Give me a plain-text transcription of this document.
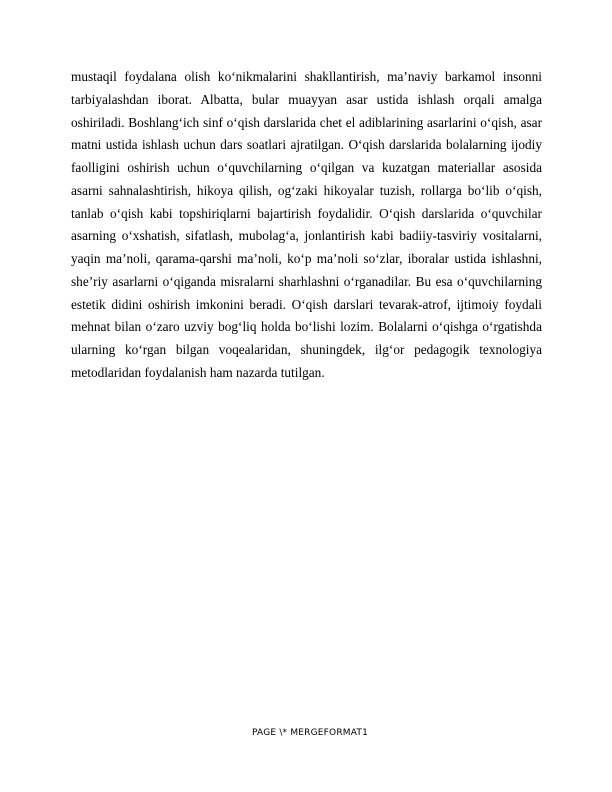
mustaqil foydalana olish ko‘nikmalarini shakllantirish, ma’naviy barkamol insonni tarbiyalashdan iborat. Albatta, bular muayyan asar ustida ishlash orqali amalga oshiriladi. Boshlang‘ich sinf o‘qish darslarida chet el adiblarining asarlarini o‘qish, asar matni ustida ishlash uchun dars soatlari ajratilgan. O‘qish darslarida bolalarning ijodiy faolligini oshirish uchun o‘quvchilarning o‘qilgan va kuzatgan materiallar asosida asarni sahnalashtirish, hikoya qilish, og‘zaki hikoyalar tuzish, rollarga bo‘lib o‘qish, tanlab o‘qish kabi topshiriqlarni bajartirish foydalidir. O‘qish darslarida o‘quvchilar asarning o‘xshatish, sifatlash, mubolag‘a, jonlantirish kabi badiiy-tasviriy vositalarni, yaqin ma’noli, qarama-qarshi ma’noli, ko‘p ma’noli so‘zlar, iboralar ustida ishlashni, she’riy asarlarni o‘qiganda misralarni sharhlashni o‘rganadilar. Bu esa o‘quvchilarning estetik didini oshirish imkonini beradi. O‘qish darslari tevarak-atrof, ijtimoiy foydali mehnat bilan o‘zaro uzviy bog‘liq holda bo‘lishi lozim. Bolalarni o‘qishga o‘rgatishda ularning ko‘rgan bilgan voqealaridan, shuningdek, ilg‘or pedagogik texnologiya metodlaridan foydalanish ham nazarda tutilgan.

PAGE \* MERGEFORMAT1
